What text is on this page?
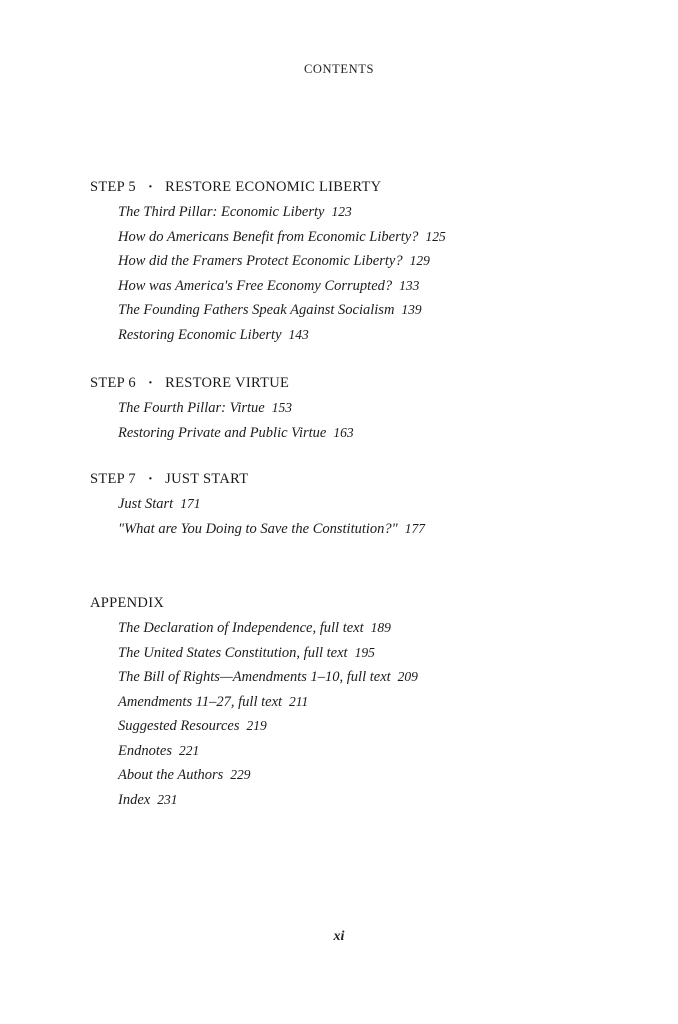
CONTENTS
STEP 5 · RESTORE ECONOMIC LIBERTY
The Third Pillar: Economic Liberty 123
How do Americans Benefit from Economic Liberty? 125
How did the Framers Protect Economic Liberty? 129
How was America's Free Economy Corrupted? 133
The Founding Fathers Speak Against Socialism 139
Restoring Economic Liberty 143
STEP 6 · RESTORE VIRTUE
The Fourth Pillar: Virtue 153
Restoring Private and Public Virtue 163
STEP 7 · JUST START
Just Start 171
"What are You Doing to Save the Constitution?" 177
APPENDIX
The Declaration of Independence, full text 189
The United States Constitution, full text 195
The Bill of Rights—Amendments 1–10, full text 209
Amendments 11–27, full text 211
Suggested Resources 219
Endnotes 221
About the Authors 229
Index 231
xi
